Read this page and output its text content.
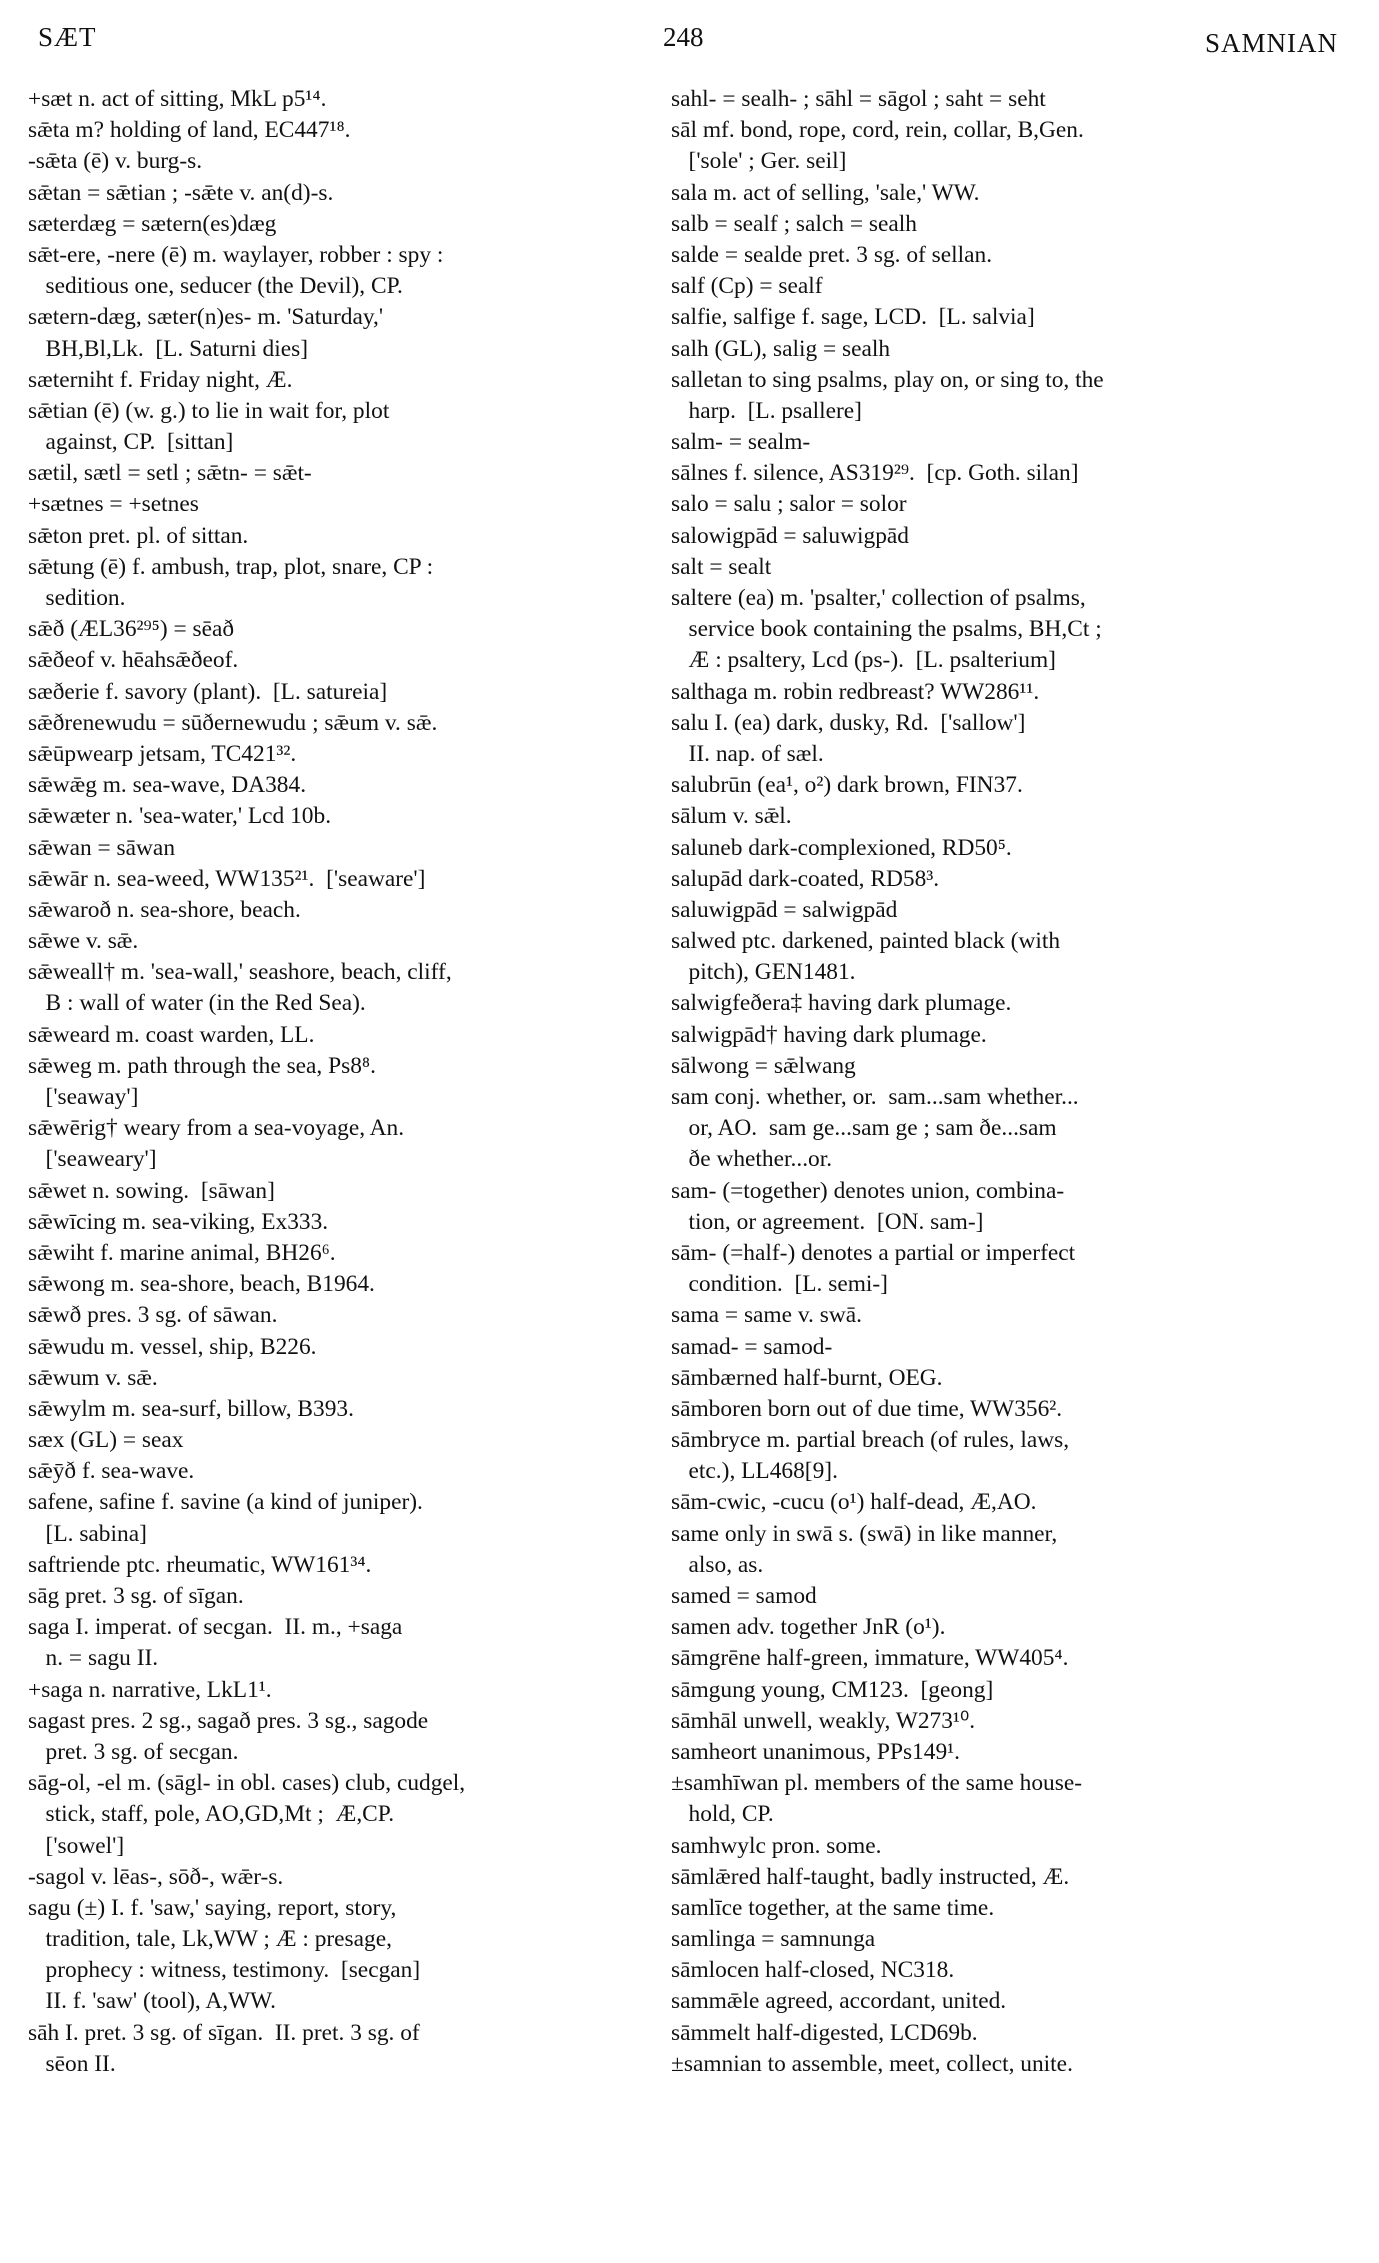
SÆT	248	SAMNIAN
+sæt n. act of sitting, MkL p5¹⁴.
sǣta m? holding of land, EC447¹⁸.
-sǣta (ē) v. burg-s.
sǣtan = sǣtian ; -sǣte v. an(d)-s.
sæterdæg = sætern(es)dæg
sǣt-ere, -nere (ē) m. waylayer, robber : spy :
seditious one, seducer (the Devil), CP.
sætern-dæg, sæter(n)es- m. 'Saturday,'
BH,Bl,Lk.  [L. Saturni dies]
sæterniht f. Friday night, Æ.
sǣtian (ē) (w. g.) to lie in wait for, plot
against, CP.  [sittan]
sætil, sætl = setl ; sǣtn- = sǣt-
+sætnes = +setnes
sǣton pret. pl. of sittan.
sǣtung (ē) f. ambush, trap, plot, snare, CP :
sedition.
sǣð (ÆL36²⁹⁵) = sēað
sǣðeof v. hēahsǣðeof.
sæðerie f. savory (plant).  [L. satureia]
sǣðrenewudu = sūðernewudu ; sǣum v. sǣ.
sǣūpwearp jetsam, TC421³².
sǣwǣg m. sea-wave, DA384.
sǣwæter n. 'sea-water,' Lcd 10b.
sǣwan = sāwan
sǣwār n. sea-weed, WW135²¹.  ['seaware']
sǣwaroð n. sea-shore, beach.
sǣwe v. sǣ.
sǣweall† m. 'sea-wall,' seashore, beach, cliff,
B : wall of water (in the Red Sea).
sǣweard m. coast warden, LL.
sǣweg m. path through the sea, Ps8⁸.
['seaway']
sǣwērig† weary from a sea-voyage, An.
['seaweary']
sǣwet n. sowing.  [sāwan]
sǣwīcing m. sea-viking, Ex333.
sǣwiht f. marine animal, BH26⁶.
sǣwong m. sea-shore, beach, B1964.
sǣwð pres. 3 sg. of sāwan.
sǣwudu m. vessel, ship, B226.
sǣwum v. sǣ.
sǣwylm m. sea-surf, billow, B393.
sæx (GL) = seax
sǣȳð f. sea-wave.
safene, safine f. savine (a kind of juniper).
[L. sabina]
saftriende ptc. rheumatic, WW161³⁴.
sāg pret. 3 sg. of sīgan.
saga I. imperat. of secgan.  II. m., +saga
n. = sagu II.
+saga n. narrative, LkL1¹.
sagast pres. 2 sg., sagað pres. 3 sg., sagode
pret. 3 sg. of secgan.
sāg-ol, -el m. (sāgl- in obl. cases) club, cudgel,
stick, staff, pole, AO,GD,Mt ;  Æ,CP.
['sowel']
-sagol v. lēas-, sōð-, wǣr-s.
sagu (±) I. f. 'saw,' saying, report, story,
tradition, tale, Lk,WW ; Æ : presage,
prophecy : witness, testimony.  [secgan]
II. f. 'saw' (tool), A,WW.
sāh I. pret. 3 sg. of sīgan.  II. pret. 3 sg. of
sēon II.
sahl- = sealh- ; sāhl = sāgol ; saht = seht
sāl mf. bond, rope, cord, rein, collar, B,Gen.
['sole' ; Ger. seil]
sala m. act of selling, 'sale,' WW.
salb = sealf ; salch = sealh
salde = sealde pret. 3 sg. of sellan.
salf (Cp) = sealf
salfie, salfige f. sage, LCD.  [L. salvia]
salh (GL), salig = sealh
salletan to sing psalms, play on, or sing to, the
harp.  [L. psallere]
salm- = sealm-
sālnes f. silence, AS319²⁹.  [cp. Goth. silan]
salo = salu ; salor = solor
salowigpād = saluwigpād
salt = sealt
saltere (ea) m. 'psalter,' collection of psalms,
service book containing the psalms, BH,Ct ;
Æ : psaltery, Lcd (ps-).  [L. psalterium]
salthaga m. robin redbreast? WW286¹¹.
salu I. (ea) dark, dusky, Rd.  ['sallow']
II. nap. of sæl.
salubrūn (ea¹, o²) dark brown, FIN37.
sālum v. sǣl.
saluneb dark-complexioned, RD50⁵.
salupād dark-coated, RD58³.
saluwigpād = salwigpād
salwed ptc. darkened, painted black (with
pitch), GEN1481.
salwigfeðera‡ having dark plumage.
salwigpād† having dark plumage.
sālwong = sǣlwang
sam conj. whether, or.  sam...sam whether...
or, AO.  sam ge...sam ge ; sam ðe...sam
ðe whether...or.
sam- (=together) denotes union, combina-
tion, or agreement.  [ON. sam-]
sām- (=half-) denotes a partial or imperfect
condition.  [L. semi-]
sama = same v. swā.
samad- = samod-
sāmbærned half-burnt, OEG.
sāmboren born out of due time, WW356².
sāmbryce m. partial breach (of rules, laws,
etc.), LL468[9].
sām-cwic, -cucu (o¹) half-dead, Æ,AO.
same only in swā s. (swā) in like manner,
also, as.
samed = samod
samen adv. together JnR (o¹).
sāmgrēne half-green, immature, WW405⁴.
sāmgung young, CM123.  [geong]
sāmhāl unwell, weakly, W273¹⁰.
samheort unanimous, PPs149¹.
±samhīwan pl. members of the same house-
hold, CP.
samhwylc pron. some.
sāmlǣred half-taught, badly instructed, Æ.
samlīce together, at the same time.
samlinga = samnunga
sāmlocen half-closed, NC318.
sammǣle agreed, accordant, united.
sāmmelt half-digested, LCD69b.
±samnian to assemble, meet, collect, unite.
